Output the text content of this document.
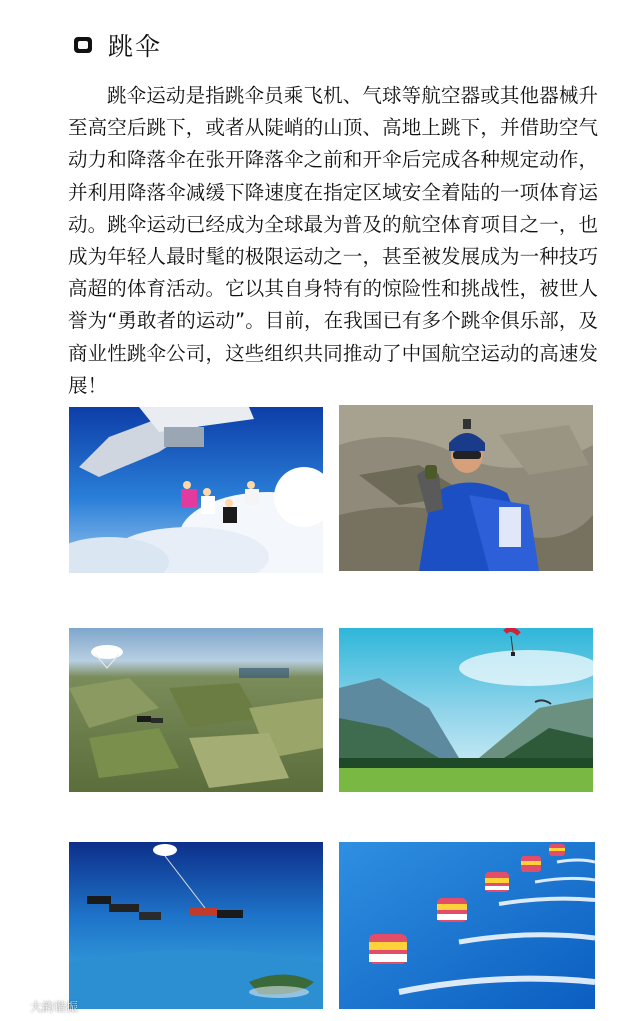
跳伞

跳伞运动是指跳伞员乘飞机、气球等航空器或其他器械升至高空后跳下，或者从陡峭的山顶、高地上跳下，并借助空气动力和降落伞在张开降落伞之前和开伞后完成各种规定动作，并利用降落伞减缓下降速度在指定区域安全着陆的一项体育运动。跳伞运动已经成为全球最为普及的航空体育项目之一，也成为年轻人最时髦的极限运动之一，甚至被发展成为一种技巧高超的体育活动。它以其自身特有的惊险性和挑战性，被世人誉为“勇敢者的运动”。目前，在我国已有多个跳伞俱乐部，及商业性跳伞公司，这些组织共同推动了中国航空运动的高速发展！

大韵谐振
